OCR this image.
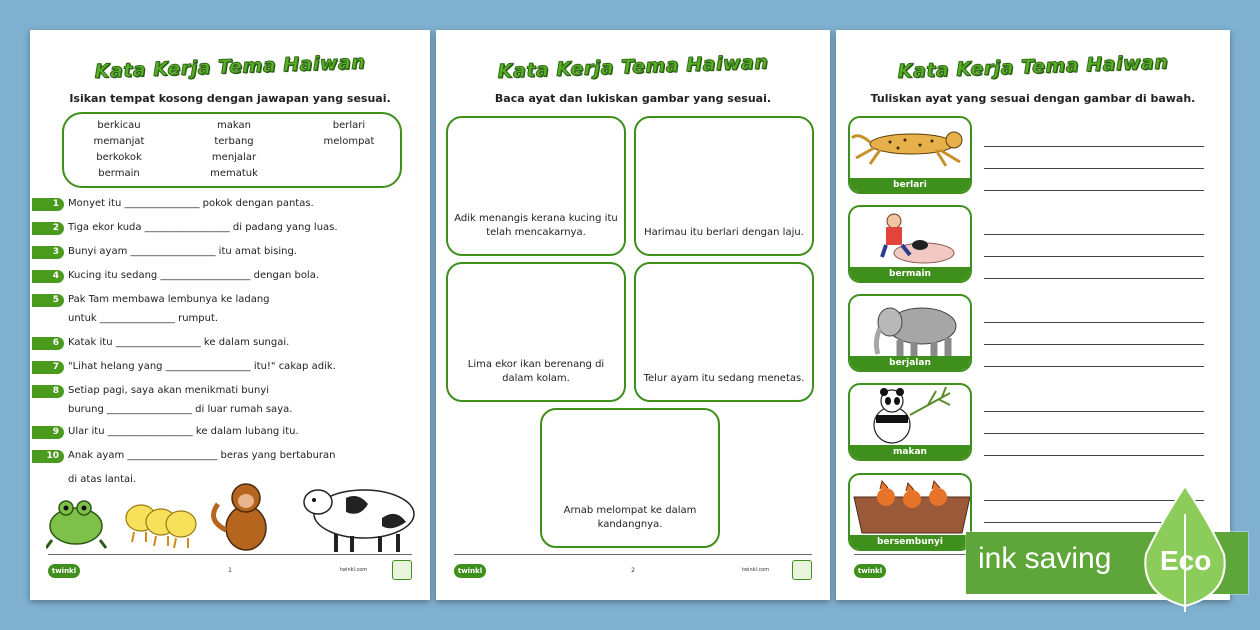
Kata Kerja Tema Haiwan
Isikan tempat kosong dengan jawapan yang sesuai.
berkicau	makan	berlari
memanjat	terbang	melompat
berkokok	menjalar
bermain	mematuk
1 Monyet itu _______________ pokok dengan pantas.
2 Tiga ekor kuda _________________ di padang yang luas.
3 Bunyi ayam _________________ itu amat bising.
4 Kucing itu sedang __________________ dengan bola.
5 Pak Tam membawa lembunya ke ladang
untuk _______________ rumput.
6 Katak itu _________________ ke dalam sungai.
7 "Lihat helang yang _________________ itu!" cakap adik.
8 Setiap pagi, saya akan menikmati bunyi
burung _________________ di luar rumah saya.
9 Ular itu _________________ ke dalam lubang itu.
10 Anak ayam __________________ beras yang bertaburan
di atas lantai.
twinkl	1	twinkl.com
Kata Kerja Tema Haiwan
Baca ayat dan lukiskan gambar yang sesuai.
Adik menangis kerana kucing itu telah mencakarnya.	Harimau itu berlari dengan laju.
Lima ekor ikan berenang di dalam kolam.	Telur ayam itu sedang menetas.
Arnab melompat ke dalam kandangnya.
twinkl	2	twinkl.com
Kata Kerja Tema Haiwan
Tuliskan ayat yang sesuai dengan gambar di bawah.
berlari
bermain
berjalan
makan
bersembunyi
twinkl	ink saving Eco
